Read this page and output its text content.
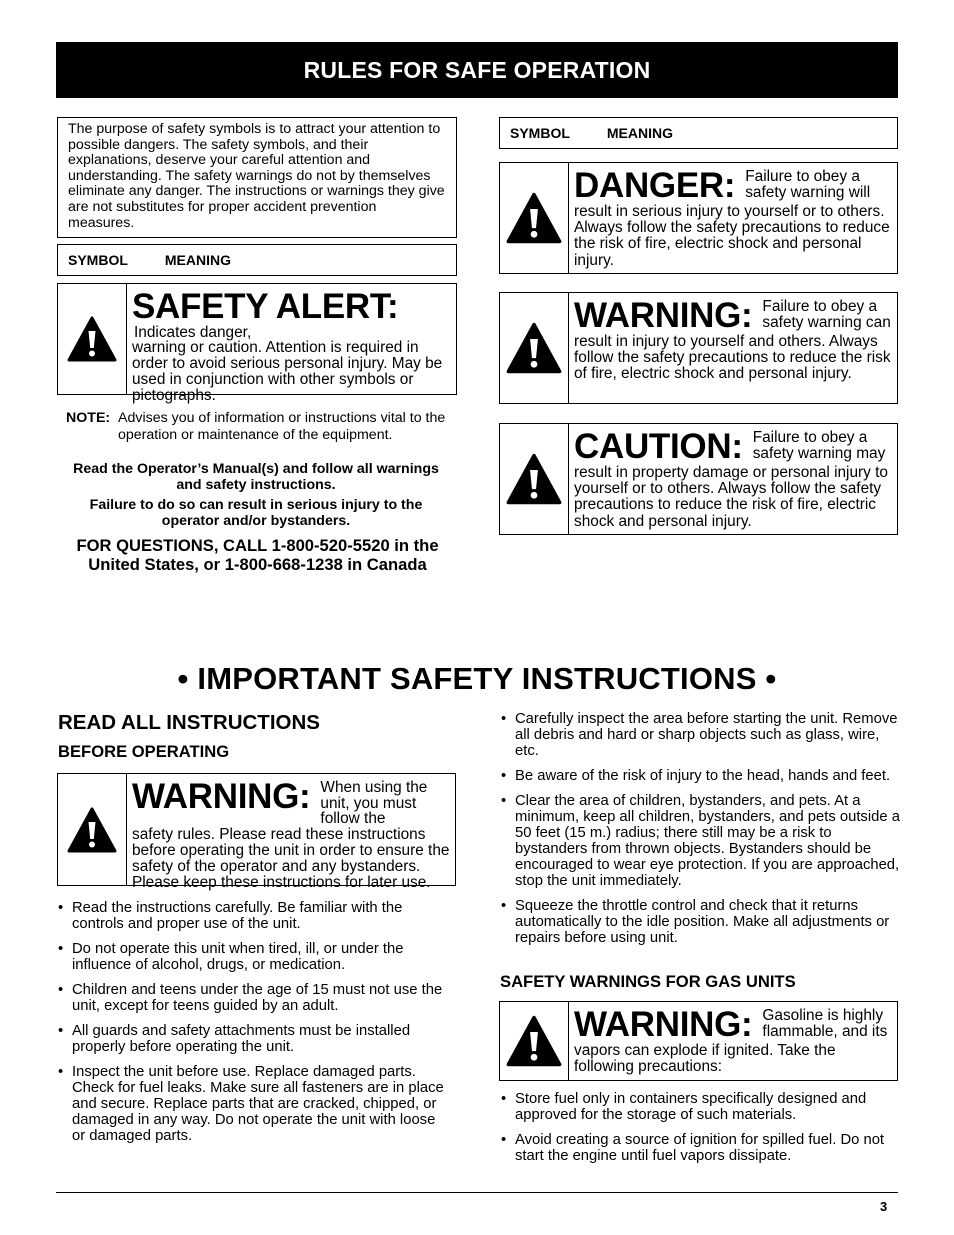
RULES FOR SAFE OPERATION
The purpose of safety symbols is to attract your attention to possible dangers. The safety symbols, and their explanations, deserve your careful attention and understanding. The safety warnings do not by themselves eliminate any danger. The instructions or warnings they give are not substitutes for proper accident prevention measures.
SYMBOL	MEANING
SAFETY ALERT:
Indicates danger,
warning or caution. Attention is required in order to avoid serious personal injury. May be used in conjunction with other symbols or pictographs.
NOTE: Advises you of information or instructions vital to the operation or maintenance of the equipment.
Read the Operator’s Manual(s) and follow all warnings and safety instructions.
Failure to do so can result in serious injury to the operator and/or bystanders.
FOR QUESTIONS, CALL 1-800-520-5520 in the United States, or 1-800-668-1238 in Canada
SYMBOL	MEANING
DANGER: Failure to obey a safety warning will
result in serious injury to yourself or to others. Always follow the safety precautions to reduce the risk of fire, electric shock and personal injury.
WARNING: Failure to obey a safety warning can
result in injury to yourself and others. Always follow the safety precautions to reduce the risk of fire, electric shock and personal injury.
CAUTION: Failure to obey a safety warning may
result in property damage or personal injury to yourself or to others. Always follow the safety precautions to reduce the risk of fire, electric shock and personal injury.
• IMPORTANT SAFETY INSTRUCTIONS •
READ ALL INSTRUCTIONS
BEFORE OPERATING
WARNING: When using the unit, you must follow the
safety rules. Please read these instructions before operating the unit in order to ensure the safety of the operator and any bystanders. Please keep these instructions for later use.
• Read the instructions carefully. Be familiar with the controls and proper use of the unit.
• Do not operate this unit when tired, ill, or under the influence of alcohol, drugs, or medication.
• Children and teens under the age of 15 must not use the unit, except for teens guided by an adult.
• All guards and safety attachments must be installed properly before operating the unit.
• Inspect the unit before use. Replace damaged parts. Check for fuel leaks. Make sure all fasteners are in place and secure. Replace parts that are cracked, chipped, or damaged in any way. Do not operate the unit with loose or damaged parts.
• Carefully inspect the area before starting the unit. Remove all debris and hard or sharp objects such as glass, wire, etc.
• Be aware of the risk of injury to the head, hands and feet.
• Clear the area of children, bystanders, and pets. At a minimum, keep all children, bystanders, and pets outside a 50 feet (15 m.) radius; there still may be a risk to bystanders from thrown objects. Bystanders should be encouraged to wear eye protection. If you are approached, stop the unit immediately.
• Squeeze the throttle control and check that it returns automatically to the idle position. Make all adjustments or repairs before using unit.
SAFETY WARNINGS FOR GAS UNITS
WARNING: Gasoline is highly flammable, and its
vapors can explode if ignited. Take the following precautions:
• Store fuel only in containers specifically designed and approved for the storage of such materials.
• Avoid creating a source of ignition for spilled fuel. Do not start the engine until fuel vapors dissipate.
3
